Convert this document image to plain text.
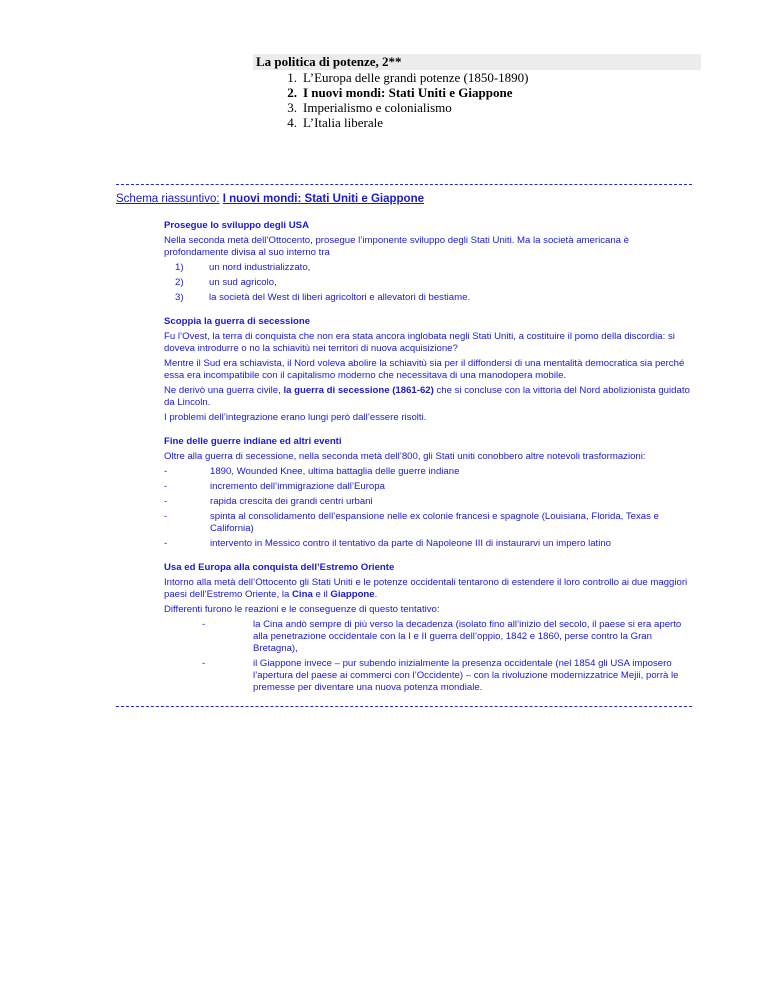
La politica di potenze, 2**
1. L’Europa delle grandi potenze (1850-1890)
2. I nuovi mondi: Stati Uniti e Giappone
3. Imperialismo e colonialismo
4. L’Italia liberale
Schema riassuntivo: I nuovi mondi: Stati Uniti e Giappone
Prosegue lo sviluppo degli USA
Nella seconda metà dell’Ottocento, prosegue l’imponente sviluppo degli Stati Uniti. Ma la società americana è profondamente divisa al suo interno tra
1)	un nord industrializzato,
2)	un sud agricolo,
3)	la società del West di liberi agricoltori e allevatori di bestiame.
Scoppia la guerra di secessione
Fu l’Ovest, la terra di conquista che non era stata ancora inglobata negli Stati Uniti, a costituire il pomo della discordia: si doveva introdurre o no la schiavitù nei territori di nuova acquisizione?
Mentre il Sud era schiavista, il Nord voleva abolire la schiavitù sia per il diffondersi di una mentalità democratica sia perché essa era incompatibile con il capitalismo moderno che necessitava di una manodopera mobile.
Ne derivò una guerra civile, la guerra di secessione (1861-62) che si concluse con la vittoria del Nord abolizionista guidato da Lincoln.
I problemi dell’integrazione erano lungi però dall’essere risolti.
Fine delle guerre indiane ed altri eventi
Oltre alla guerra di secessione, nella seconda metà dell’800, gli Stati uniti conobbero altre notevoli trasformazioni:
-	1890, Wounded Knee, ultima battaglia delle guerre indiane
-	incremento dell’immigrazione dall’Europa
-	rapida crescita dei grandi centri urbani
-	spinta al consolidamento dell’espansione nelle ex colonie francesi e spagnole (Louisiana, Florida, Texas e California)
-	intervento in Messico contro il tentativo da parte di Napoleone III di instaurarvi un impero latino
Usa ed Europa alla conquista dell’Estremo Oriente
Intorno alla metà dell’Ottocento gli Stati Uniti e le potenze occidentali tentarono di estendere il loro controllo ai due maggiori paesi dell’Estremo Oriente, la Cina e il Giappone.
Differenti furono le reazioni e le conseguenze di questo tentativo:
-	la Cina andò sempre di più verso la decadenza (isolato fino all’inizio del secolo, il paese si era aperto alla penetrazione occidentale con la I e II guerra dell’oppio, 1842 e 1860, perse contro la Gran Bretagna),
-	il Giappone invece – pur subendo inizialmente la presenza occidentale (nel 1854 gli USA imposero l’apertura del paese ai commerci con l’Occidente) – con la rivoluzione modernizzatrice Mejii, porrà le premesse per diventare una nuova potenza mondiale.
